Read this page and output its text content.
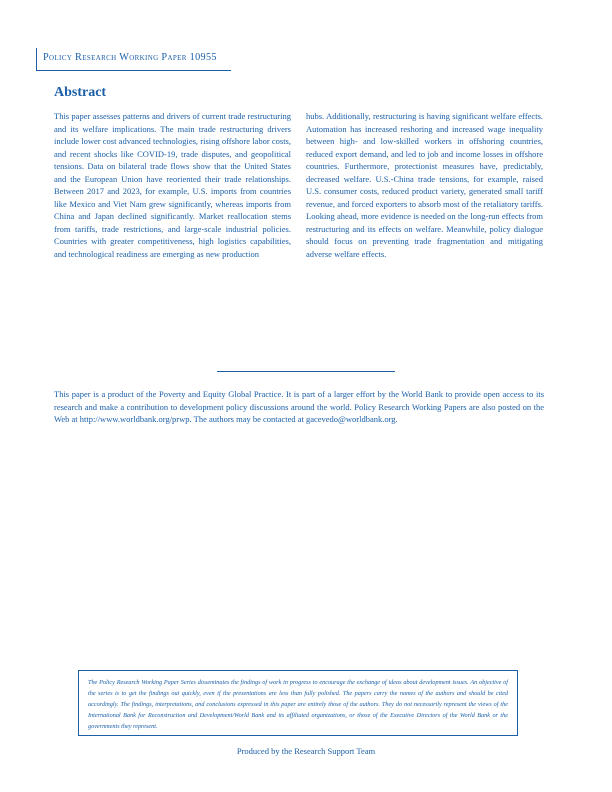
Policy Research Working Paper 10955
Abstract

This paper assesses patterns and drivers of current trade restructuring and its welfare implications. The main trade restructuring drivers include lower cost advanced technologies, rising offshore labor costs, and recent shocks like COVID-19, trade disputes, and geopolitical tensions. Data on bilateral trade flows show that the United States and the European Union have reoriented their trade relationships. Between 2017 and 2023, for example, U.S. imports from countries like Mexico and Viet Nam grew significantly, whereas imports from China and Japan declined significantly. Market reallocation stems from tariffs, trade restrictions, and large-scale industrial policies. Countries with greater competitiveness, high logistics capabilities, and technological readiness are emerging as new production

hubs. Additionally, restructuring is having significant welfare effects. Automation has increased reshoring and increased wage inequality between high- and low-skilled workers in offshoring countries, reduced export demand, and led to job and income losses in offshore countries. Furthermore, protectionist measures have, predictably, decreased welfare. U.S.-China trade tensions, for example, raised U.S. consumer costs, reduced product variety, generated small tariff revenue, and forced exporters to absorb most of the retaliatory tariffs. Looking ahead, more evidence is needed on the long-run effects from restructuring and its effects on welfare. Meanwhile, policy dialogue should focus on preventing trade fragmentation and mitigating adverse welfare effects.

This paper is a product of the Poverty and Equity Global Practice. It is part of a larger effort by the World Bank to provide open access to its research and make a contribution to development policy discussions around the world. Policy Research Working Papers are also posted on the Web at http://www.worldbank.org/prwp. The authors may be contacted at gacevedo@worldbank.org.

The Policy Research Working Paper Series disseminates the findings of work in progress to encourage the exchange of ideas about development issues. An objective of the series is to get the findings out quickly, even if the presentations are less than fully polished. The papers carry the names of the authors and should be cited accordingly. The findings, interpretations, and conclusions expressed in this paper are entirely those of the authors. They do not necessarily represent the views of the International Bank for Reconstruction and Development/World Bank and its affiliated organizations, or those of the Executive Directors of the World Bank or the governments they represent.

Produced by the Research Support Team
